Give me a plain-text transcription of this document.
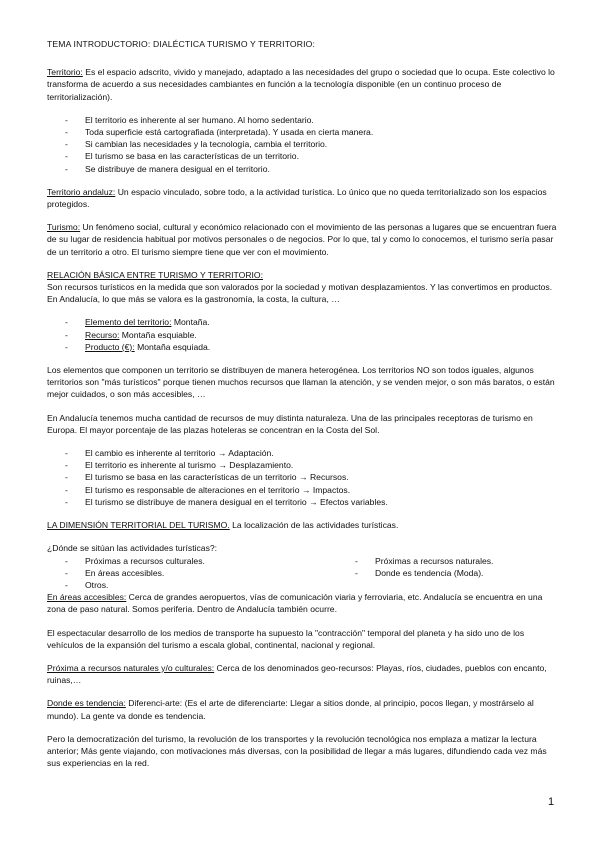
TEMA INTRODUCTORIO: DIALÉCTICA TURISMO Y TERRITORIO:

Territorio: Es el espacio adscrito, vivido y manejado, adaptado a las necesidades del grupo o sociedad que lo ocupa. Este colectivo lo transforma de acuerdo a sus necesidades cambiantes en función a la tecnología disponible (en un continuo proceso de territorialización).

- El territorio es inherente al ser humano. Al homo sedentario.
- Toda superficie está cartografiada (interpretada). Y usada en cierta manera.
- Si cambian las necesidades y la tecnología, cambia el territorio.
- El turismo se basa en las características de un territorio.
- Se distribuye de manera desigual en el territorio.

Territorio andaluz: Un espacio vinculado, sobre todo, a la actividad turística. Lo único que no queda territorializado son los espacios protegidos.

Turismo: Un fenómeno social, cultural y económico relacionado con el movimiento de las personas a lugares que se encuentran fuera de su lugar de residencia habitual por motivos personales o de negocios. Por lo que, tal y como lo conocemos, el turismo sería pasar de un territorio a otro. El turismo siempre tiene que ver con el movimiento.

RELACIÓN BÁSICA ENTRE TURISMO Y TERRITORIO:

Son recursos turísticos en la medida que son valorados por la sociedad y motivan desplazamientos. Y las convertimos en productos.

En Andalucía, lo que más se valora es la gastronomía, la costa, la cultura, …

- Elemento del territorio: Montaña.
- Recurso: Montaña esquiable.
- Producto (€): Montaña esquiada.

Los elementos que componen un territorio se distribuyen de manera heterogénea. Los territorios NO son todos iguales, algunos territorios son "más turísticos" porque tienen muchos recursos que llaman la atención, y se venden mejor, o son más baratos, o están mejor cuidados, o son más accesibles, …

En Andalucía tenemos mucha cantidad de recursos de muy distinta naturaleza. Una de las principales receptoras de turismo en Europa. El mayor porcentaje de las plazas hoteleras se concentran en la Costa del Sol.

- El cambio es inherente al territorio → Adaptación.
- El territorio es inherente al turismo → Desplazamiento.
- El turismo se basa en las características de un territorio → Recursos.
- El turismo es responsable de alteraciones en el territorio → Impactos.
- El turismo se distribuye de manera desigual en el territorio → Efectos variables.

LA DIMENSIÓN TERRITORIAL DEL TURISMO. La localización de las actividades turísticas.

¿Dónde se sitúan las actividades turísticas?:

- Próximas a recursos culturales.
- En áreas accesibles.
- Otros.
- Próximas a recursos naturales.
- Donde es tendencia (Moda).

En áreas accesibles: Cerca de grandes aeropuertos, vías de comunicación viaria y ferroviaria, etc. Andalucía se encuentra en una zona de paso natural. Somos periferia. Dentro de Andalucía también ocurre.

El espectacular desarrollo de los medios de transporte ha supuesto la "contracción" temporal del planeta y ha sido uno de los vehículos de la expansión del turismo a escala global, continental, nacional y regional.

Próxima a recursos naturales y/o culturales: Cerca de los denominados geo-recursos: Playas, ríos, ciudades, pueblos con encanto, ruinas,…

Donde es tendencia: Diferenci-arte: (Es el arte de diferenciarte: Llegar a sitios donde, al principio, pocos llegan, y mostrárselo al mundo). La gente va donde es tendencia.

Pero la democratización del turismo, la revolución de los transportes y la revolución tecnológica nos emplaza a matizar la lectura anterior; Más gente viajando, con motivaciones más diversas, con la posibilidad de llegar a más lugares, difundiendo cada vez más sus experiencias en la red.

1
